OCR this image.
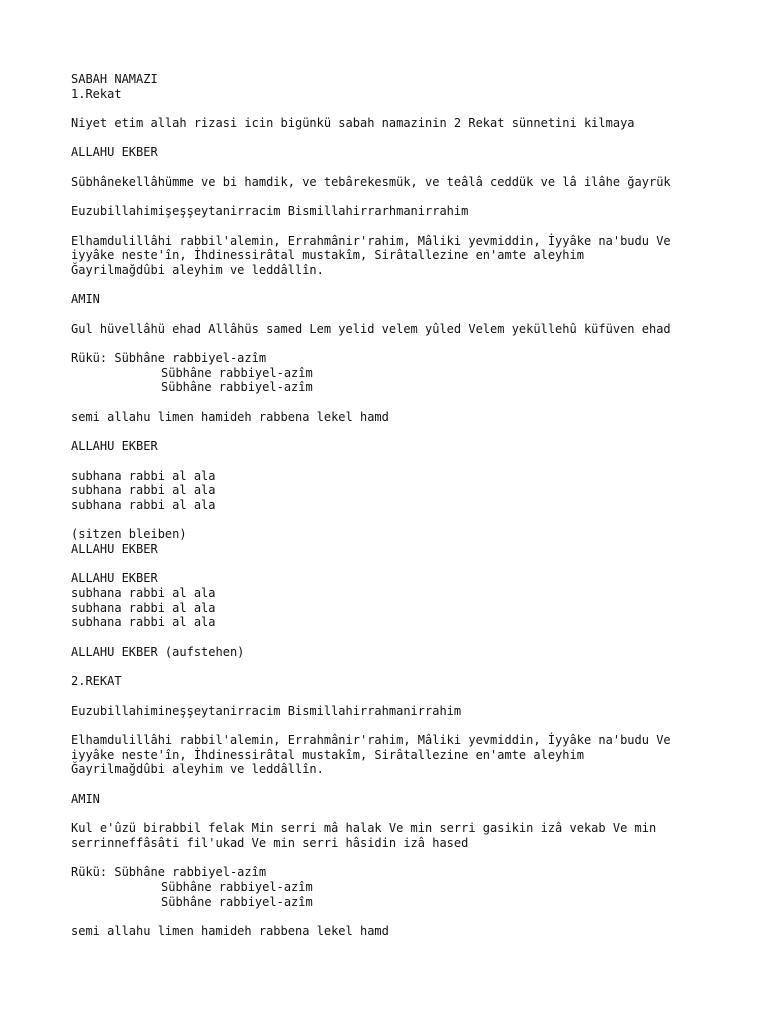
SABAH NAMAZI
1.Rekat
Niyet etim allah rizasi icin bigünkü sabah namazinin 2 Rekat sünnetini kilmaya
ALLAHU EKBER
Sübhânekellâhümme ve bi hamdik, ve tebârekesmük, ve teâlâ ceddük ve lâ ilâhe ğayrük
Euzubillahimişeşşeytanirracim Bismillahirrarhmanirrahim
Elhamdulillâhi rabbil'alemin, Errahmânir'rahim, Mâliki yevmiddin, İyyâke na'budu Ve
iyyâke neste'în, İhdinessirâtal mustakîm, Sirâtallezine en'amte aleyhim
Ğayrilmağdûbi aleyhim ve leddâllîn.
AMIN
Gul hüvellâhü ehad Allâhüs samed Lem yelid velem yûled Velem yeküllehû küfüven ehad
Rükü: Sübhâne rabbiyel-azîm
Sübhâne rabbiyel-azîm
Sübhâne rabbiyel-azîm
semi allahu limen hamideh rabbena lekel hamd
ALLAHU EKBER
subhana rabbi al ala
subhana rabbi al ala
subhana rabbi al ala
(sitzen bleiben)
ALLAHU EKBER
ALLAHU EKBER
subhana rabbi al ala
subhana rabbi al ala
subhana rabbi al ala
ALLAHU EKBER (aufstehen)
2.REKAT
Euzubillahimineşşeytanirracim Bismillahirrahmanirrahim
Elhamdulillâhi rabbil'alemin, Errahmânir'rahim, Mâliki yevmiddin, İyyâke na'budu Ve
iyyâke neste'în, İhdinessirâtal mustakîm, Sirâtallezine en'amte aleyhim
Ğayrilmağdûbi aleyhim ve leddâllîn.
AMIN
Kul e'ûzü birabbil felak Min serri mâ halak Ve min serri gasikin izâ vekab Ve min
serrinneffâsâti fil'ukad Ve min serri hâsidin izâ hased
Rükü: Sübhâne rabbiyel-azîm
Sübhâne rabbiyel-azîm
Sübhâne rabbiyel-azîm
semi allahu limen hamideh rabbena lekel hamd
